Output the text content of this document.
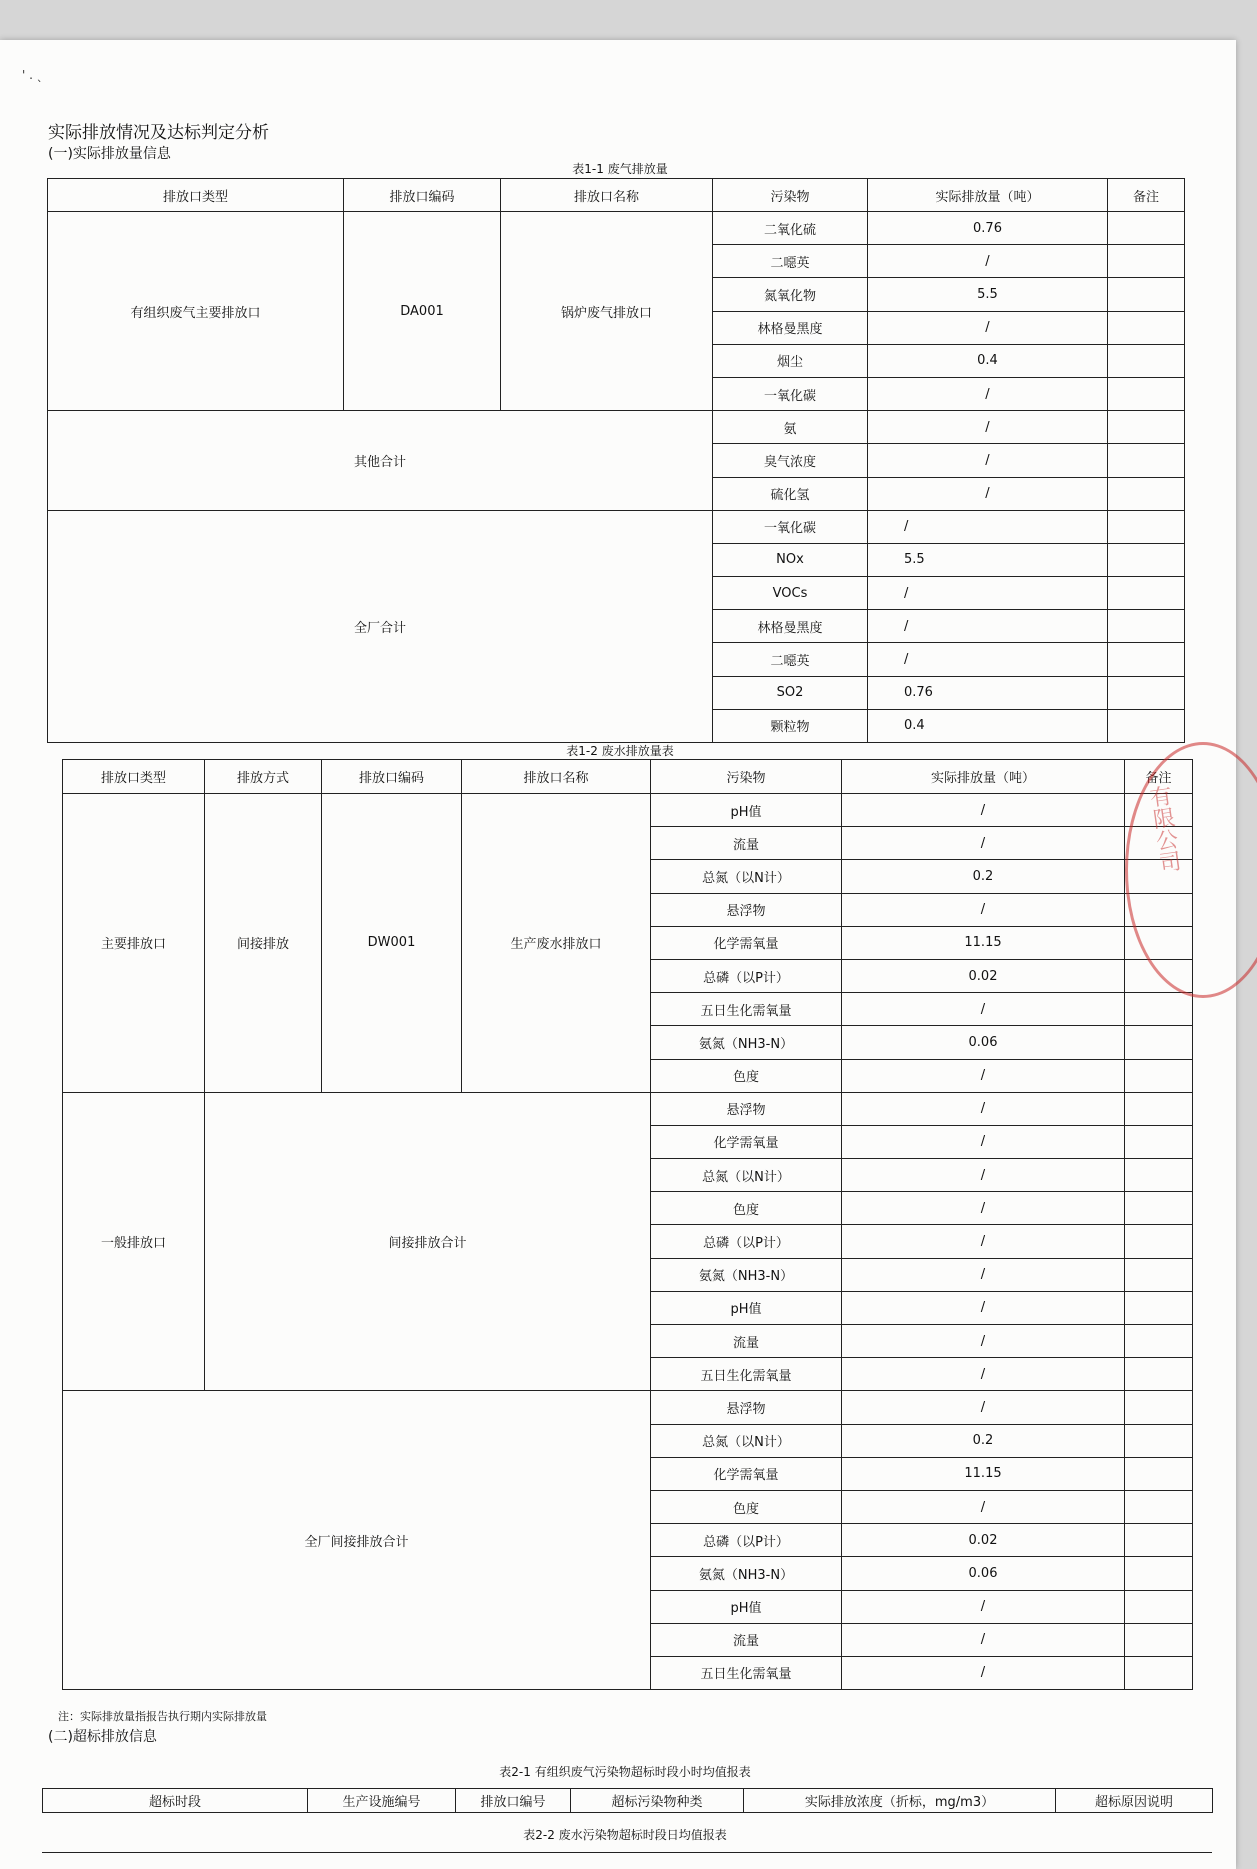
' . ˎ
实际排放情况及达标判定分析
(一)实际排放量信息
表1-1 废气排放量
排放口类型	排放口编码	排放口名称	污染物	实际排放量（吨）	备注
有组织废气主要排放口	DA001	锅炉废气排放口	二氧化硫	0.76	
			二噁英	/	
			氮氧化物	5.5	
			林格曼黑度	/	
			烟尘	0.4	
			一氧化碳	/	
其他合计			氨	/	
			臭气浓度	/	
			硫化氢	/	
全厂合计			一氧化碳	/	
			NOx	5.5	
			VOCs	/	
			林格曼黑度	/	
			二噁英	/	
			SO2	0.76	
			颗粒物	0.4	
表1-2 废水排放量表
排放口类型	排放方式	排放口编码	排放口名称	污染物	实际排放量（吨）	备注
主要排放口	间接排放	DW001	生产废水排放口	pH值	/	
				流量	/	
				总氮（以N计）	0.2	
				悬浮物	/	
				化学需氧量	11.15	
				总磷（以P计）	0.02	
				五日生化需氧量	/	
				氨氮（NH3-N）	0.06	
				色度	/	
一般排放口	间接排放合计			悬浮物	/	
				化学需氧量	/	
				总氮（以N计）	/	
				色度	/	
				总磷（以P计）	/	
				氨氮（NH3-N）	/	
				pH值	/	
				流量	/	
				五日生化需氧量	/	
全厂间接排放合计				悬浮物	/	
				总氮（以N计）	0.2	
				化学需氧量	11.15	
				色度	/	
				总磷（以P计）	0.02	
				氨氮（NH3-N）	0.06	
				pH值	/	
				流量	/	
				五日生化需氧量	/	
有限公司
注：实际排放量指报告执行期内实际排放量
(二)超标排放信息
表2-1 有组织废气污染物超标时段小时均值报表
超标时段	生产设施编号	排放口编号	超标污染物种类	实际排放浓度（折标，mg/m3）	超标原因说明
表2-2 废水污染物超标时段日均值报表
